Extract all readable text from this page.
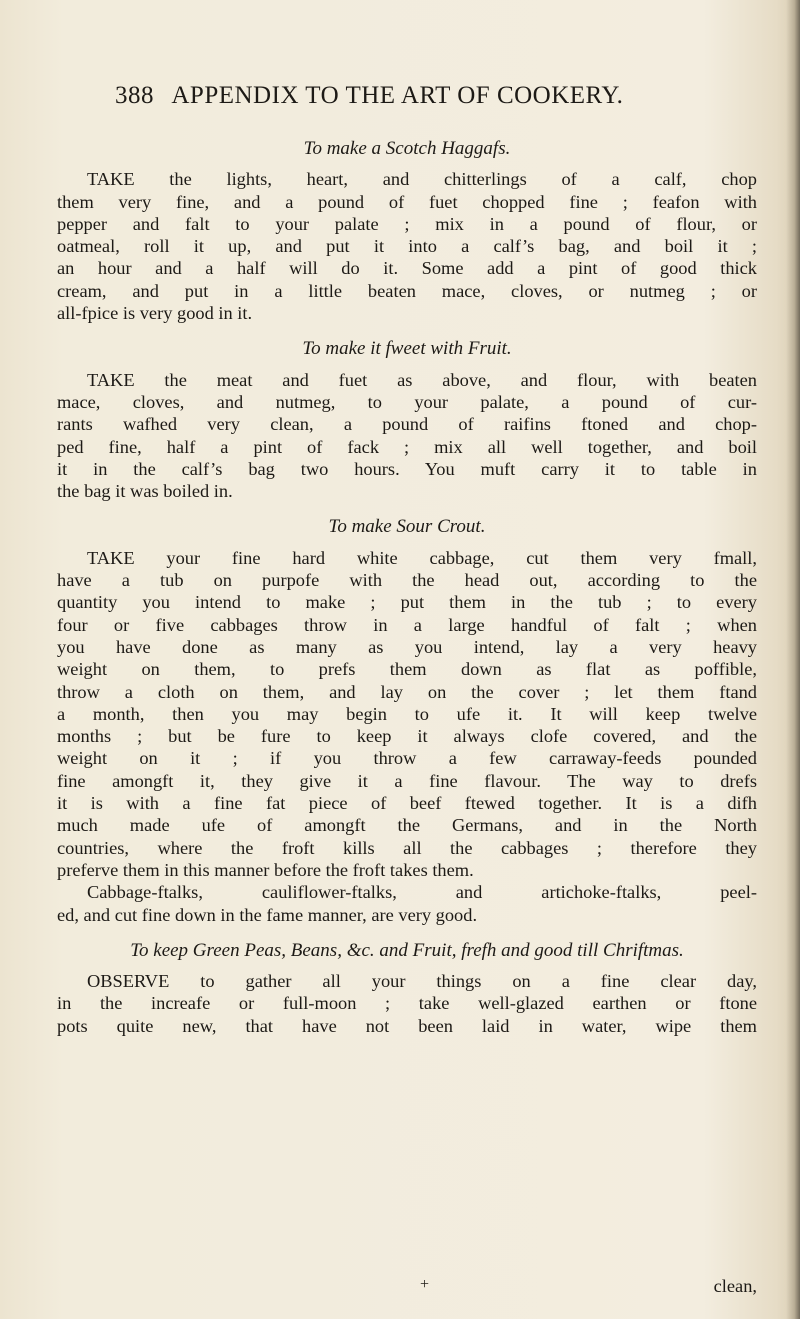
388 APPENDIX TO THE ART OF COOKERY.
To make a Scotch Haggafs.
TAKE the lights, heart, and chitterlings of a calf, chop
them very fine, and a pound of fuet chopped fine ; feafon with
pepper and falt to your palate ; mix in a pound of flour, or
oatmeal, roll it up, and put it into a calf’s bag, and boil it ;
an hour and a half will do it. Some add a pint of good thick
cream, and put in a little beaten mace, cloves, or nutmeg ; or
all-fpice is very good in it.
To make it fweet with Fruit.
TAKE the meat and fuet as above, and flour, with beaten
mace, cloves, and nutmeg, to your palate, a pound of cur-
rants wafhed very clean, a pound of raifins ftoned and chop-
ped fine, half a pint of fack ; mix all well together, and boil
it in the calf’s bag two hours. You muft carry it to table in
the bag it was boiled in.
To make Sour Crout.
TAKE your fine hard white cabbage, cut them very fmall,
have a tub on purpofe with the head out, according to the
quantity you intend to make ; put them in the tub ; to every
four or five cabbages throw in a large handful of falt ; when
you have done as many as you intend, lay a very heavy
weight on them, to prefs them down as flat as poffible,
throw a cloth on them, and lay on the cover ; let them ftand
a month, then you may begin to ufe it. It will keep twelve
months ; but be fure to keep it always clofe covered, and the
weight on it ; if you throw a few carraway-feeds pounded
fine amongft it, they give it a fine flavour. The way to drefs
it is with a fine fat piece of beef ftewed together. It is a difh
much made ufe of amongft the Germans, and in the North
countries, where the froft kills all the cabbages ; therefore they
preferve them in this manner before the froft takes them.
Cabbage-ftalks, cauliflower-ftalks, and artichoke-ftalks, peel-
ed, and cut fine down in the fame manner, are very good.
To keep Green Peas, Beans, &c. and Fruit, frefh and good till Chriftmas.
OBSERVE to gather all your things on a fine clear day,
in the increafe or full-moon ; take well-glazed earthen or ftone
pots quite new, that have not been laid in water, wipe them
+	clean,
